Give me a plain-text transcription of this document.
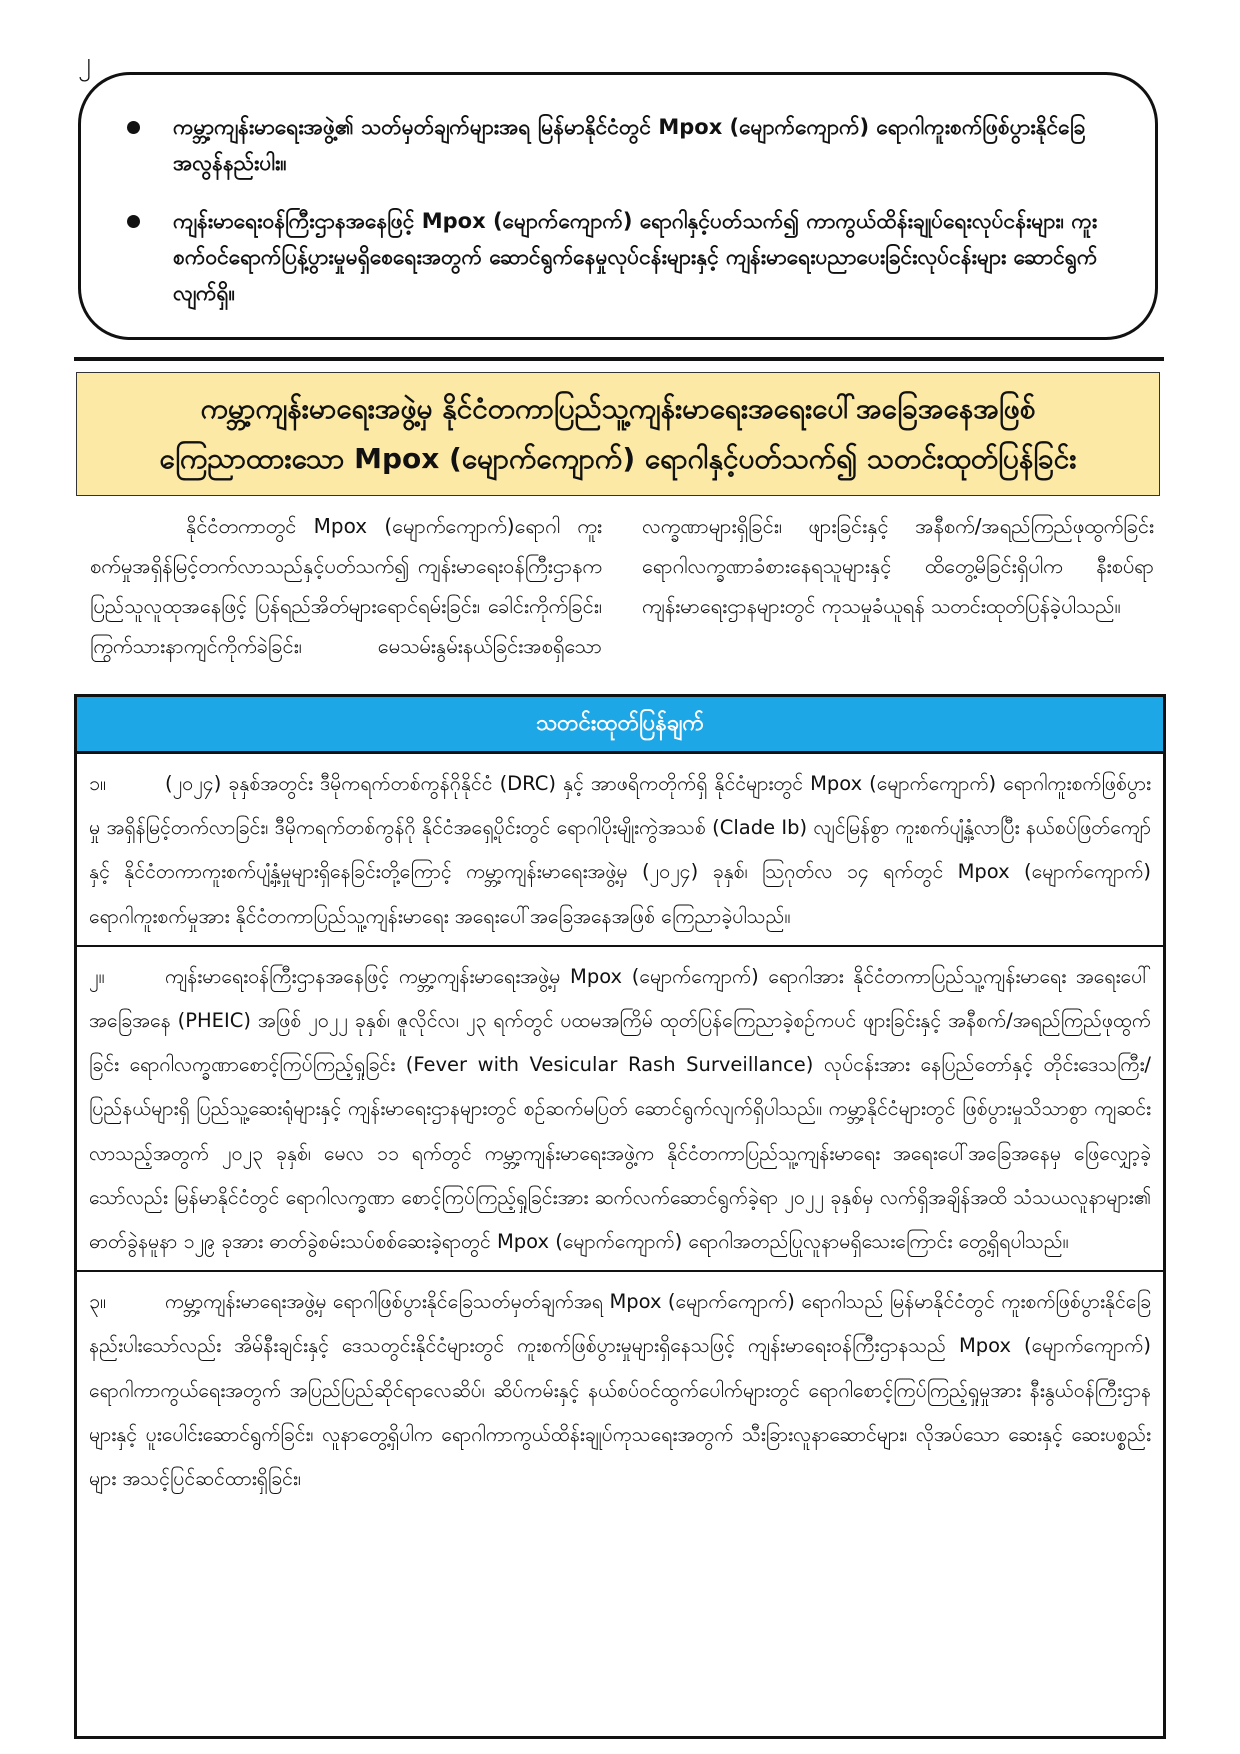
၂
ကမ္ဘာ့ကျန်းမာရေးအဖွဲ့၏ သတ်မှတ်ချက်များအရ မြန်မာနိုင်ငံတွင် Mpox (မျောက်ကျောက်) ရောဂါကူးစက်ဖြစ်ပွားနိုင်ခြေ အလွန်နည်းပါး။
ကျန်းမာရေးဝန်ကြီးဌာနအနေဖြင့် Mpox (မျောက်ကျောက်) ရောဂါနှင့်ပတ်သက်၍ ကာကွယ်ထိန်းချုပ်ရေးလုပ်ငန်းများ၊ ကူးစက်ဝင်ရောက်ပြန့်ပွားမှုမရှိစေရေးအတွက် ဆောင်ရွက်နေမှုလုပ်ငန်းများနှင့် ကျန်းမာရေးပညာပေးခြင်းလုပ်ငန်းများ ဆောင်ရွက်လျက်ရှိ။
ကမ္ဘာ့ကျန်းမာရေးအဖွဲ့မှ နိုင်ငံတကာပြည်သူ့ကျန်းမာရေးအရေးပေါ်အခြေအနေအဖြစ်
ကြေညာထားသော Mpox (မျောက်ကျောက်) ရောဂါနှင့်ပတ်သက်၍ သတင်းထုတ်ပြန်ခြင်း

နိုင်ငံတကာတွင် Mpox (မျောက်ကျောက်)ရောဂါ ကူးစက်မှုအရှိန်မြင့်တက်လာသည်နှင့်ပတ်သက်၍ ကျန်းမာရေးဝန်ကြီးဌာနက ပြည်သူလူထုအနေဖြင့် ပြန်ရည်အိတ်များရောင်ရမ်းခြင်း၊ ခေါင်းကိုက်ခြင်း၊ ကြွက်သားနာကျင်ကိုက်ခဲခြင်း၊ မေသမ်းနွမ်းနယ်ခြင်းအစရှိသော လက္ခဏာများရှိခြင်း၊ ဖျားခြင်းနှင့် အနီစက်/အရည်ကြည်ဖုထွက်ခြင်း ရောဂါလက္ခဏာခံစားနေရသူများနှင့် ထိတွေ့မိခြင်းရှိပါက နီးစပ်ရာကျန်းမာရေးဌာနများတွင် ကုသမှုခံယူရန် သတင်းထုတ်ပြန်ခဲ့ပါသည်။

သတင်းထုတ်ပြန်ချက်

၁။	(၂၀၂၄) ခုနှစ်အတွင်း ဒီမိုကရက်တစ်ကွန်ဂိုနိုင်ငံ (DRC) နှင့် အာဖရိကတိုက်ရှိ နိုင်ငံများတွင် Mpox (မျောက်ကျောက်) ရောဂါကူးစက်ဖြစ်ပွားမှု အရှိန်မြင့်တက်လာခြင်း၊ ဒီမိုကရက်တစ်ကွန်ဂို နိုင်ငံအရှေ့ပိုင်းတွင် ရောဂါပိုးမျိုးကွဲအသစ် (Clade Ib) လျင်မြန်စွာ ကူးစက်ပျံ့နှံ့လာပြီး နယ်စပ်ဖြတ်ကျော်နှင့် နိုင်ငံတကာကူးစက်ပျံ့နှံ့မှုများရှိနေခြင်းတို့ကြောင့် ကမ္ဘာ့ကျန်းမာရေးအဖွဲ့မှ (၂၀၂၄) ခုနှစ်၊ ဩဂုတ်လ ၁၄ ရက်တွင် Mpox (မျောက်ကျောက်) ရောဂါကူးစက်မှုအား နိုင်ငံတကာပြည်သူ့ကျန်းမာရေး အရေးပေါ်အခြေအနေအဖြစ် ကြေညာခဲ့ပါသည်။

၂။	ကျန်းမာရေးဝန်ကြီးဌာနအနေဖြင့် ကမ္ဘာ့ကျန်းမာရေးအဖွဲ့မှ Mpox (မျောက်ကျောက်) ရောဂါအား နိုင်ငံတကာပြည်သူ့ကျန်းမာရေး အရေးပေါ်အခြေအနေ (PHEIC) အဖြစ် ၂၀၂၂ ခုနှစ်၊ ဇူလိုင်လ၊ ၂၃ ရက်တွင် ပထမအကြိမ် ထုတ်ပြန်ကြေညာခဲ့စဉ်ကပင် ဖျားခြင်းနှင့် အနီစက်/အရည်ကြည်ဖုထွက်ခြင်း ရောဂါလက္ခဏာစောင့်ကြပ်ကြည့်ရှုခြင်း (Fever with Vesicular Rash Surveillance) လုပ်ငန်းအား နေပြည်တော်နှင့် တိုင်းဒေသကြီး/ပြည်နယ်များရှိ ပြည်သူ့ဆေးရုံများနှင့် ကျန်းမာရေးဌာနများတွင် စဉ်ဆက်မပြတ် ဆောင်ရွက်လျက်ရှိပါသည်။ ကမ္ဘာ့နိုင်ငံများတွင် ဖြစ်ပွားမှုသိသာစွာ ကျဆင်းလာသည့်အတွက် ၂၀၂၃ ခုနှစ်၊ မေလ ၁၁ ရက်တွင် ကမ္ဘာ့ကျန်းမာရေးအဖွဲ့က နိုင်ငံတကာပြည်သူ့ကျန်းမာရေး အရေးပေါ်အခြေအနေမှ ဖြေလျှော့ခဲ့သော်လည်း မြန်မာနိုင်ငံတွင် ရောဂါလက္ခဏာ စောင့်ကြပ်ကြည့်ရှုခြင်းအား ဆက်လက်ဆောင်ရွက်ခဲ့ရာ ၂၀၂၂ ခုနှစ်မှ လက်ရှိအချိန်အထိ သံသယလူနာများ၏ ဓာတ်ခွဲနမူနာ ၁၂၉ ခုအား ဓာတ်ခွဲစမ်းသပ်စစ်ဆေးခဲ့ရာတွင် Mpox (မျောက်ကျောက်) ရောဂါအတည်ပြုလူနာမရှိသေးကြောင်း တွေ့ရှိရပါသည်။

၃။	ကမ္ဘာ့ကျန်းမာရေးအဖွဲ့မှ ရောဂါဖြစ်ပွားနိုင်ခြေသတ်မှတ်ချက်အရ Mpox (မျောက်ကျောက်) ရောဂါသည် မြန်မာနိုင်ငံတွင် ကူးစက်ဖြစ်ပွားနိုင်ခြေနည်းပါးသော်လည်း အိမ်နီးချင်းနှင့် ဒေသတွင်းနိုင်ငံများတွင် ကူးစက်ဖြစ်ပွားမှုများရှိနေသဖြင့် ကျန်းမာရေးဝန်ကြီးဌာနသည် Mpox (မျောက်ကျောက်) ရောဂါကာကွယ်ရေးအတွက် အပြည်ပြည်ဆိုင်ရာလေဆိပ်၊ ဆိပ်ကမ်းနှင့် နယ်စပ်ဝင်ထွက်ပေါက်များတွင် ရောဂါစောင့်ကြပ်ကြည့်ရှုမှုအား နီးနွယ်ဝန်ကြီးဌာနများနှင့် ပူးပေါင်းဆောင်ရွက်ခြင်း၊ လူနာတွေ့ရှိပါက ရောဂါကာကွယ်ထိန်းချုပ်ကုသရေးအတွက် သီးခြားလူနာဆောင်များ၊ လိုအပ်သော ဆေးနှင့် ဆေးပစ္စည်းများ အသင့်ပြင်ဆင်ထားရှိခြင်း၊
